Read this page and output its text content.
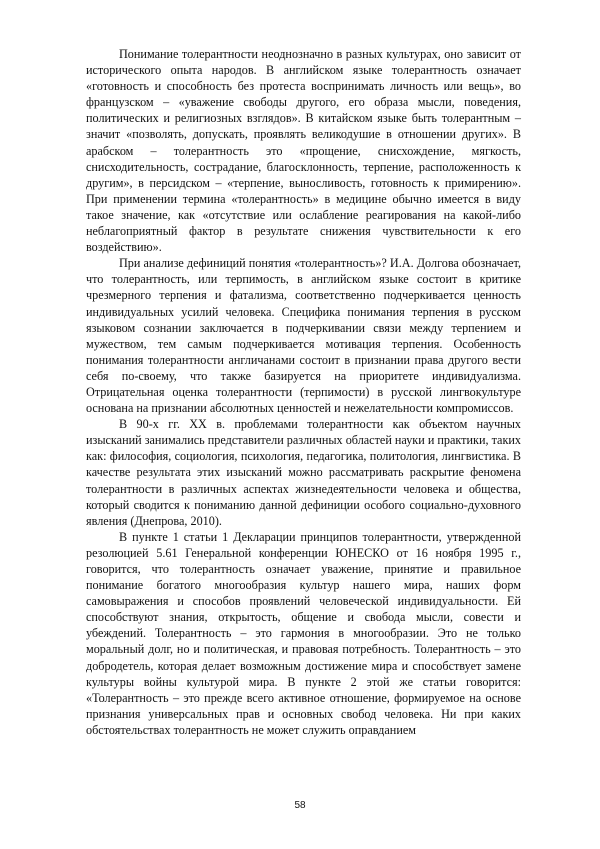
Понимание толерантности неоднозначно в разных культурах, оно зависит от исторического опыта народов. В английском языке толерантность означает «готовность и способность без протеста воспринимать личность или вещь», во французском – «уважение свободы другого, его образа мысли, поведения, политических и религиозных взглядов». В китайском языке быть толерантным – значит «позволять, допускать, проявлять великодушие в отношении других». В арабском – толерантность это «прощение, снисхождение, мягкость, снисходительность, сострадание, благосклонность, терпение, расположенность к другим», в персидском – «терпение, выносливость, готовность к примирению». При применении термина «толерантность» в медицине обычно имеется в виду такое значение, как «отсутствие или ослабление реагирования на какой-либо неблагоприятный фактор в результате снижения чувствительности к его воздействию».

При анализе дефиниций понятия «толерантность»? И.А. Долгова обозначает, что толерантность, или терпимость, в английском языке состоит в критике чрезмерного терпения и фатализма, соответственно подчеркивается ценность индивидуальных усилий человека. Специфика понимания терпения в русском языковом сознании заключается в подчеркивании связи между терпением и мужеством, тем самым подчеркивается мотивация терпения. Особенность понимания толерантности англичанами состоит в признании права другого вести себя по-своему, что также базируется на приоритете индивидуализма. Отрицательная оценка толерантности (терпимости) в русской лингвокультуре основана на признании абсолютных ценностей и нежелательности компромиссов.

В 90-х гг. XX в. проблемами толерантности как объектом научных изысканий занимались представители различных областей науки и практики, таких как: философия, социология, психология, педагогика, политология, лингвистика. В качестве результата этих изысканий можно рассматривать раскрытие феномена толерантности в различных аспектах жизнедеятельности человека и общества, который сводится к пониманию данной дефиниции особого социально-духовного явления (Днепрова, 2010).

В пункте 1 статьи 1 Декларации принципов толерантности, утвержденной резолюцией 5.61 Генеральной конференции ЮНЕСКО от 16 ноября 1995 г., говорится, что толерантность означает уважение, принятие и правильное понимание богатого многообразия культур нашего мира, наших форм самовыражения и способов проявлений человеческой индивидуальности. Ей способствуют знания, открытость, общение и свобода мысли, совести и убеждений. Толерантность – это гармония в многообразии. Это не только моральный долг, но и политическая, и правовая потребность. Толерантность – это добродетель, которая делает возможным достижение мира и способствует замене культуры войны культурой мира. В пункте 2 этой же статьи говорится: «Толерантность – это прежде всего активное отношение, формируемое на основе признания универсальных прав и основных свобод человека. Ни при каких обстоятельствах толерантность не может служить оправданием

58
